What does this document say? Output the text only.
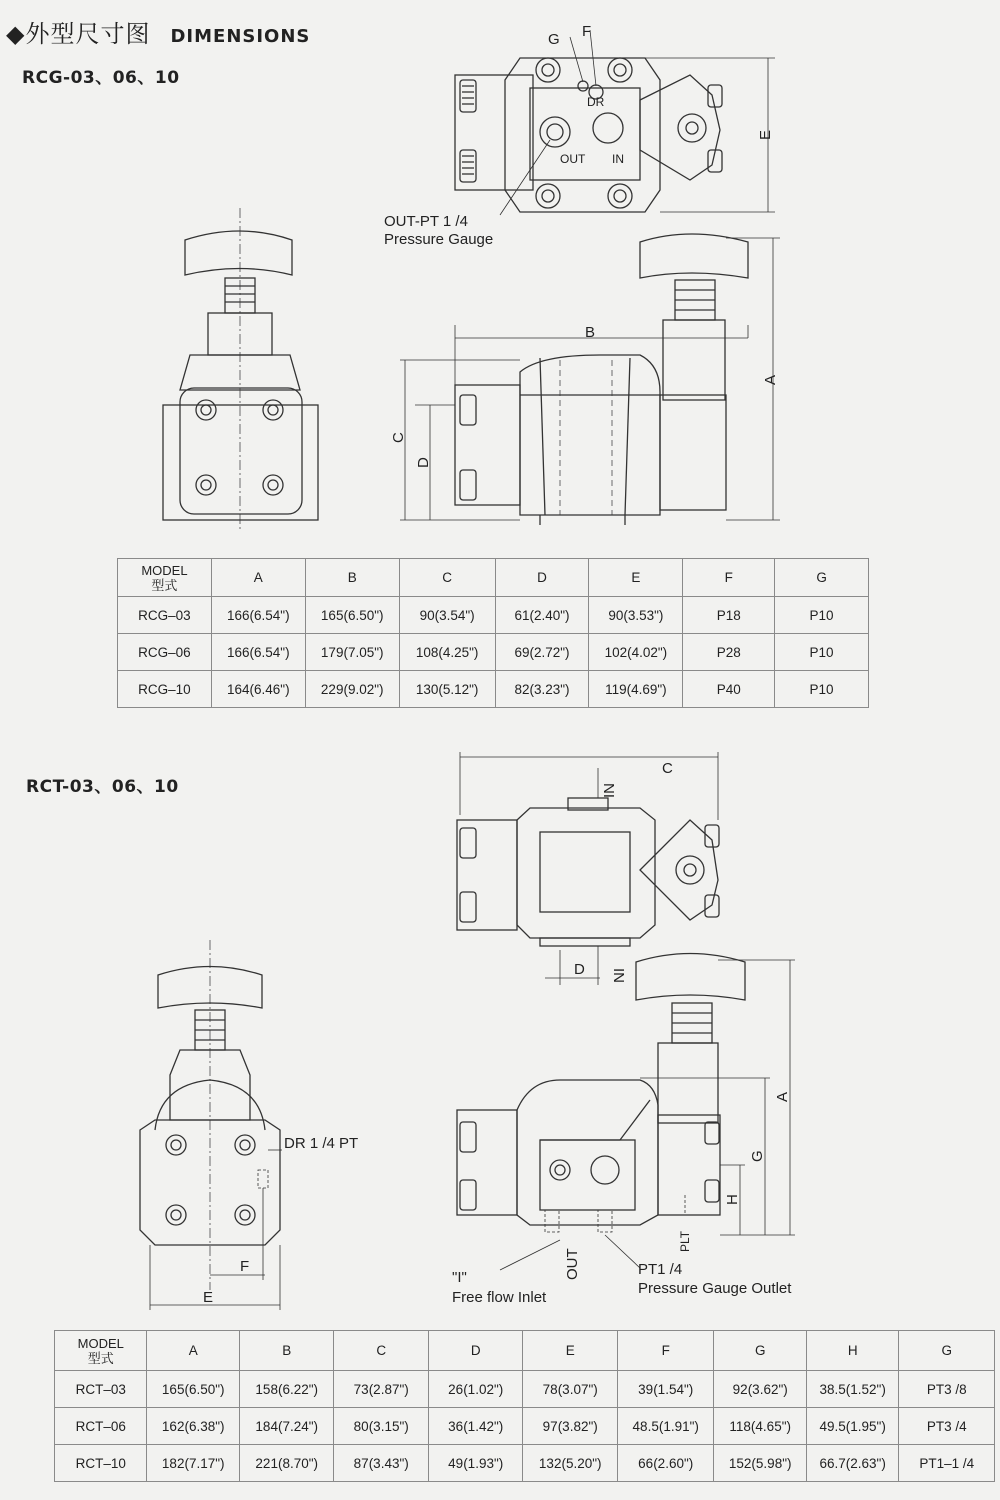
◆外型尺寸图 DIMENSIONS
RCG-03、06、10
RCT-03、06、10
G F
DR
OUT IN
E
OUT-PT 1 /4
Pressure Gauge
B
A
C
D
C
IN
IN
D
DR 1 /4 PT
F
E
A
G
H
PLT
OUT
"I"
Free flow Inlet
PT1 /4
Pressure Gauge Outlet
MODEL
型式	A	B	C	D	E	F	G
RCG–03	166(6.54")	165(6.50")	90(3.54")	61(2.40")	90(3.53")	P18	P10
RCG–06	166(6.54")	179(7.05")	108(4.25")	69(2.72")	102(4.02")	P28	P10
RCG–10	164(6.46")	229(9.02")	130(5.12")	82(3.23")	119(4.69")	P40	P10
MODEL
型式	A	B	C	D	E	F	G	H	G
RCT–03	165(6.50")	158(6.22")	73(2.87")	26(1.02")	78(3.07")	39(1.54")	92(3.62")	38.5(1.52")	PT3 /8
RCT–06	162(6.38")	184(7.24")	80(3.15")	36(1.42")	97(3.82")	48.5(1.91")	118(4.65")	49.5(1.95")	PT3 /4
RCT–10	182(7.17")	221(8.70")	87(3.43")	49(1.93")	132(5.20")	66(2.60")	152(5.98")	66.7(2.63")	PT1–1 /4
